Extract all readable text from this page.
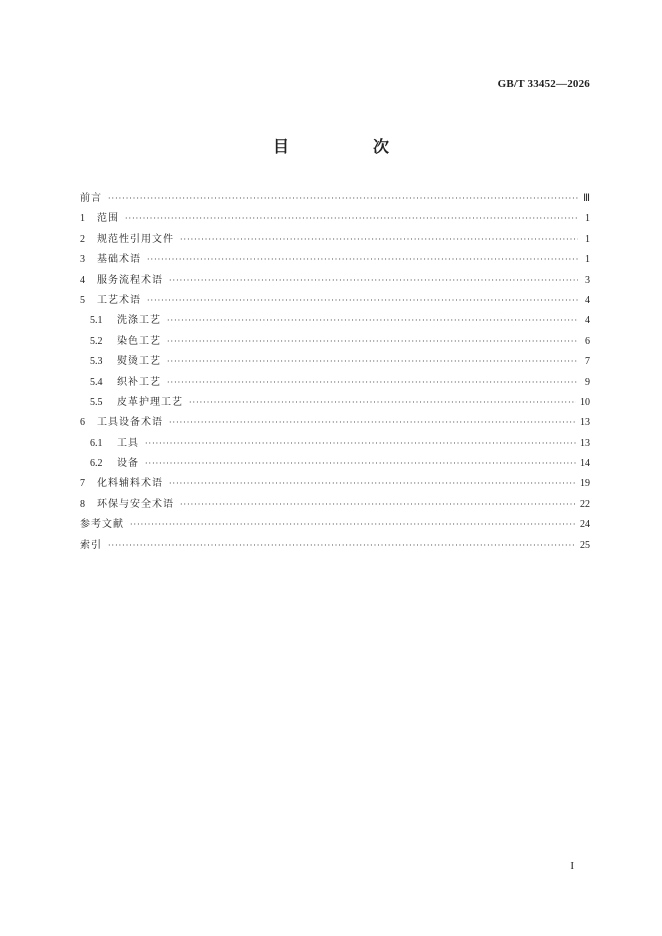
GB/T 33452—2026
目　次
前言 ·····	Ⅲ
1	范围 ·····	1
2	规范性引用文件 ·····	1
3	基础术语 ·····	1
4	服务流程术语 ·····	3
5	工艺术语 ·····	4
5.1	洗涤工艺 ·····	4
5.2	染色工艺 ·····	6
5.3	熨烫工艺 ·····	7
5.4	织补工艺 ·····	9
5.5	皮革护理工艺 ·····	10
6	工具设备术语 ·····	13
6.1	工具 ·····	13
6.2	设备 ·····	14
7	化料辅料术语 ·····	19
8	环保与安全术语 ·····	22
参考文献 ·····	24
索引 ·····	25
I
